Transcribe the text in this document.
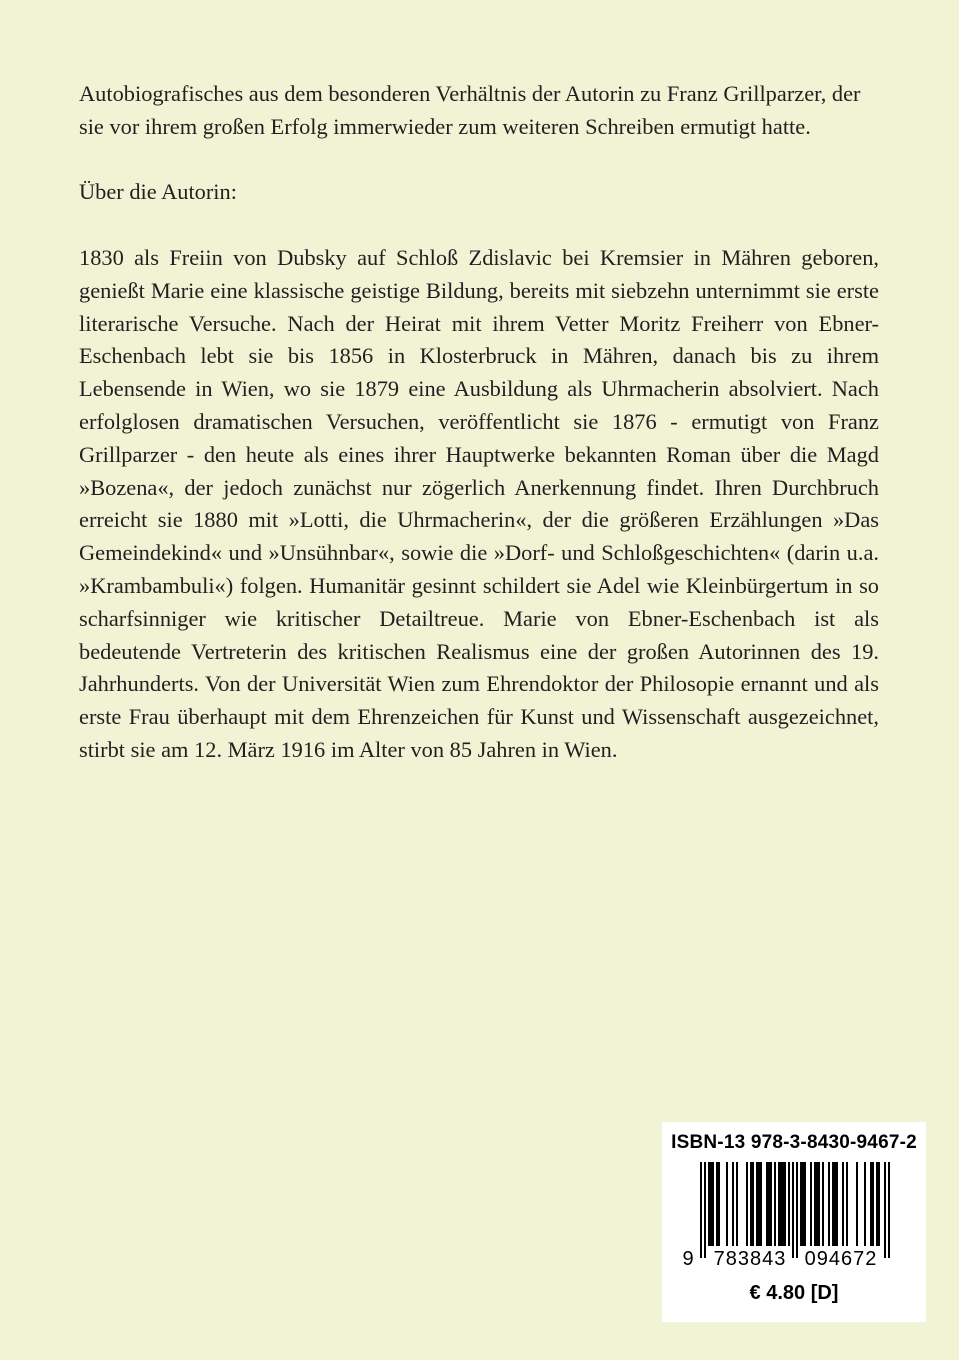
Autobiografisches aus dem besonderen Verhältnis der Autorin zu Franz Grillparzer, der sie vor ihrem großen Erfolg immerwieder zum weiteren Schreiben ermutigt hatte.

Über die Autorin:

1830 als Freiin von Dubsky auf Schloß Zdislavic bei Kremsier in Mähren geboren, genießt Marie eine klassische geistige Bildung, bereits mit siebzehn unternimmt sie erste literarische Versuche. Nach der Heirat mit ihrem Vetter Moritz Freiherr von Ebner-Eschenbach lebt sie bis 1856 in Klosterbruck in Mähren, danach bis zu ihrem Lebensende in Wien, wo sie 1879 eine Ausbildung als Uhrmacherin absolviert. Nach erfolglosen dramatischen Versuchen, veröffentlicht sie 1876 - ermutigt von Franz Grillparzer - den heute als eines ihrer Hauptwerke bekannten Roman über die Magd »Bozena«, der jedoch zunächst nur zögerlich Anerkennung findet. Ihren Durchbruch erreicht sie 1880 mit »Lotti, die Uhrmacherin«, der die größeren Erzählungen »Das Gemeindekind« und »Unsühnbar«, sowie die »Dorf- und Schloßgeschichten« (darin u.a. »Krambambuli«) folgen. Humanitär gesinnt schildert sie Adel wie Kleinbürgertum in so scharfsinniger wie kritischer Detailtreue. Marie von Ebner-Eschenbach ist als bedeutende Vertreterin des kritischen Realismus eine der großen Autorinnen des 19. Jahrhunderts. Von der Universität Wien zum Ehrendoktor der Philosopie ernannt und als erste Frau überhaupt mit dem Ehrenzeichen für Kunst und Wissenschaft ausgezeichnet, stirbt sie am 12. März 1916 im Alter von 85 Jahren in Wien.

ISBN-13 978-3-8430-9467-2
9 783843 094672
€ 4.80 [D]
